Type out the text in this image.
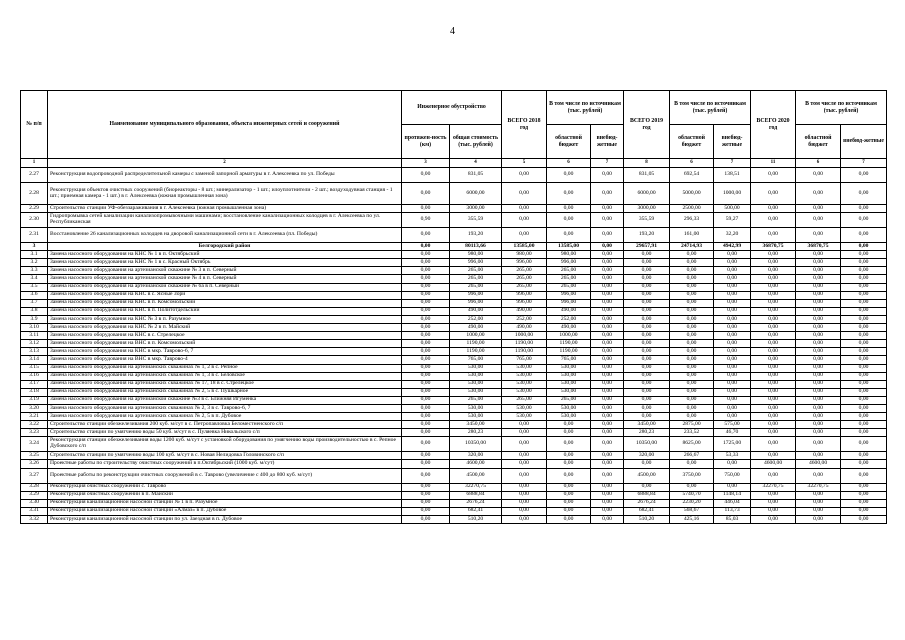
4
№ п/п	Наименование муниципального образования, объекта инженерных сетей и сооружений	Инженерное обустройство		ВСЕГО 2018 год	В том числе по источникам (тыс. рублей)		ВСЕГО 2019 год	В том числе по источникам (тыс. рублей)		ВСЕГО 2020 год	В том числе по источникам (тыс. рублей)	
		протяжен-ность (км)	общая стоимость (тыс. рублей)		областной бюджет	внебюд-жетные		областной бюджет	внебюд-жетные		областной бюджет	внебюд-жетные
1	2	3	4	5	6	7	8	6	7	11	6	7
2.27	Реконструкция водопроводной распределительной камеры с заменой запорной арматуры в г. Алексеевка по ул. Победы	0,00	831,05	0,00	0,00	0,00	831,05	692,54	138,51	0,00	0,00	0,00
2.28	Реконструкция объектов очистных сооружений (биореакторы - 8 шт.; минерализатор - 1 шт.; илоуплотнители - 2 шт.; воздуходувная станция - 1 шт.; приемная камера - 1 шт.) в г. Алексеевка (южная промышленная зона)	0,00	6000,00	0,00	0,00	0,00	6000,00	5000,00	1000,00	0,00	0,00	0,00
2.29	Строительство станции УФ-обеззараживания в г. Алексеевка (южная промышленная зона)	0,00	3000,00	0,00	0,00	0,00	3000,00	2500,00	500,00	0,00	0,00	0,00
2.30	Гидропромывка сетей канализации канализопромывочными машинами; восстановление канализационных колодцев в г. Алексеевка по ул. Республиканская	0,90	355,59	0,00	0,00	0,00	355,59	296,33	59,27	0,00	0,00	0,00
2.31	Восстановление 26 канализационных колодцев на дворовой канализационной сети в г. Алексеевка (пл. Победы)	0,00	193,20	0,00	0,00	0,00	193,20	161,00	32,20	0,00	0,00	0,00
3	Белгородский район	0,00	80113,66	13585,00	13585,00	0,00	29657,91	24714,93	4942,99	36870,75	36870,75	0,00
3.1	Замена насосного оборудования на КНС № 1 в п. Октябрьский	0,00	980,00	980,00	980,00	0,00	0,00	0,00	0,00	0,00	0,00	0,00
3.2	Замена насосного оборудования на КНС № 1 в с. Красный Октябрь	0,00	996,00	996,00	996,00	0,00	0,00	0,00	0,00	0,00	0,00	0,00
3.3	Замена насосного оборудования на артезианской скважине № 3 в п. Северный	0,00	265,00	265,00	265,00	0,00	0,00	0,00	0,00	0,00	0,00	0,00
3.4	Замена насосного оборудования на артезианской скважине № 4 в п. Северный	0,00	265,00	265,00	265,00	0,00	0,00	0,00	0,00	0,00	0,00	0,00
3.5	Замена насосного оборудования на артезианской скважине № 6а в п. Северный	0,00	265,00	265,00	265,00	0,00	0,00	0,00	0,00	0,00	0,00	0,00
3.6	Замена насосного оборудования на КНС в с. Ясные Зори	0,00	996,00	996,00	996,00	0,00	0,00	0,00	0,00	0,00	0,00	0,00
3.7	Замена насосного оборудования на КНС в п. Комсомольский	0,00	996,00	996,00	996,00	0,00	0,00	0,00	0,00	0,00	0,00	0,00
3.8	Замена насосного оборудования на КНС в п. Политотдельский	0,00	490,00	490,00	490,00	0,00	0,00	0,00	0,00	0,00	0,00	0,00
3.9	Замена насосного оборудования на КНС № 3 в п. Разумное	0,00	252,00	252,00	252,00	0,00	0,00	0,00	0,00	0,00	0,00	0,00
3.10	Замена насосного оборудования на КНС № 2 в п. Майский	0,00	490,00	490,00	490,00	0,00	0,00	0,00	0,00	0,00	0,00	0,00
3.11	Замена насосного оборудования на КНС в с. Стрелецкое	0,00	1000,00	1000,00	1000,00	0,00	0,00	0,00	0,00	0,00	0,00	0,00
3.12	Замена насосного оборудования на ВНС в п. Комсомольский	0,00	1190,00	1190,00	1190,00	0,00	0,00	0,00	0,00	0,00	0,00	0,00
3.13	Замена насосного оборудования на КНС в мкр. Таврово-6, 7	0,00	1190,00	1190,00	1190,00	0,00	0,00	0,00	0,00	0,00	0,00	0,00
3.14	Замена насосного оборудования на ВНС в мкр. Таврово-4	0,00	765,00	765,00	765,00	0,00	0,00	0,00	0,00	0,00	0,00	0,00
3.15	Замена насосного оборудования на артезианских скважинах № 1, 2 в с. Репное	0,00	530,00	530,00	530,00	0,00	0,00	0,00	0,00	0,00	0,00	0,00
3.16	Замена насосного оборудования на артезианских скважинах № 1, 3 в с. Беловское	0,00	530,00	530,00	530,00	0,00	0,00	0,00	0,00	0,00	0,00	0,00
3.17	Замена насосного оборудования на артезианских скважинах № 17, 18 в с. Стрелецкое	0,00	530,00	530,00	530,00	0,00	0,00	0,00	0,00	0,00	0,00	0,00
3.18	Замена насосного оборудования на артезианских скважинах № 2, 5 в с. Пушкарное	0,00	530,00	530,00	530,00	0,00	0,00	0,00	0,00	0,00	0,00	0,00
3.19	Замена насосного оборудования на артезианской скважине №3 в с. Ближняя Игуменка	0,00	265,00	265,00	265,00	0,00	0,00	0,00	0,00	0,00	0,00	0,00
3.20	Замена насосного оборудования на артезианских скважинах № 2, 3 в с. Таврово-6, 7	0,00	530,00	530,00	530,00	0,00	0,00	0,00	0,00	0,00	0,00	0,00
3.21	Замена насосного оборудования на артезианских скважинах № 2, 5 в п. Дубовое	0,00	530,00	530,00	530,00	0,00	0,00	0,00	0,00	0,00	0,00	0,00
3.22	Строительство станции обезжелезивания 200 куб. м/сут в с. Петропавловка Беломестненского с/п	0,00	3450,00	0,00	0,00	0,00	3450,00	2875,00	575,00	0,00	0,00	0,00
3.23	Строительство станции по умягчению воды 50 куб. м/сут в с. Пуляевка Никольского с/п	0,00	280,23	0,00	0,00	0,00	280,23	233,52	46,70	0,00	0,00	0,00
3.24	Реконструкция станции обезжелезивания воды 1200 куб. м/сут с установкой оборудования по умягчению воды производительностью в с. Репное Дубовского с/п	0,00	10350,00	0,00	0,00	0,00	10350,00	8625,00	1725,00	0,00	0,00	0,00
3.25	Строительство станции по умягчению воды 100 куб. м/сут в с. Новая Нелидовка Головинского с/п	0,00	320,00	0,00	0,00	0,00	320,00	266,67	53,33	0,00	0,00	0,00
3.26	Проектные работы по строительству очистных сооружений в п.Октябрьский (1000 куб. м/сут)	0,00	4600,00	0,00	0,00	0,00	0,00	0,00	0,00	4600,00	4600,00	0,00
3.27	Проектные работы по реконструкции очистных сооружений в с. Таврово (увеличение с 400 до 800 куб. м/сут)	0,00	4500,00	0,00	0,00	0,00	4500,00	3750,00	750,00	0,00	0,00	0,00
3.28	Реконструкция очистных сооружений с. Таврово	0,00	32270,75	0,00	0,00	0,00	0,00	0,00	0,00	32270,75	32270,75	0,00
3.29	Реконструкция очистных сооружений в п. Майский	0,00	6888,84	0,00	0,00	0,00	6888,84	5740,70	1148,14	0,00	0,00	0,00
3.30	Реконструкция канализационной насосной станции № 1 в п. Разумное	0,00	2676,24	0,00	0,00	0,00	2676,24	2230,20	446,04	0,00	0,00	0,00
3.31	Реконструкция канализационной насосной станции «Алмаз» в п. Дубовое	0,00	682,41	0,00	0,00	0,00	682,41	568,67	113,73	0,00	0,00	0,00
3.32	Реконструкция канализационной насосной станции по ул. Заездная в п. Дубовое	0,00	510,20	0,00	0,00	0,00	510,20	425,16	85,03	0,00	0,00	0,00
